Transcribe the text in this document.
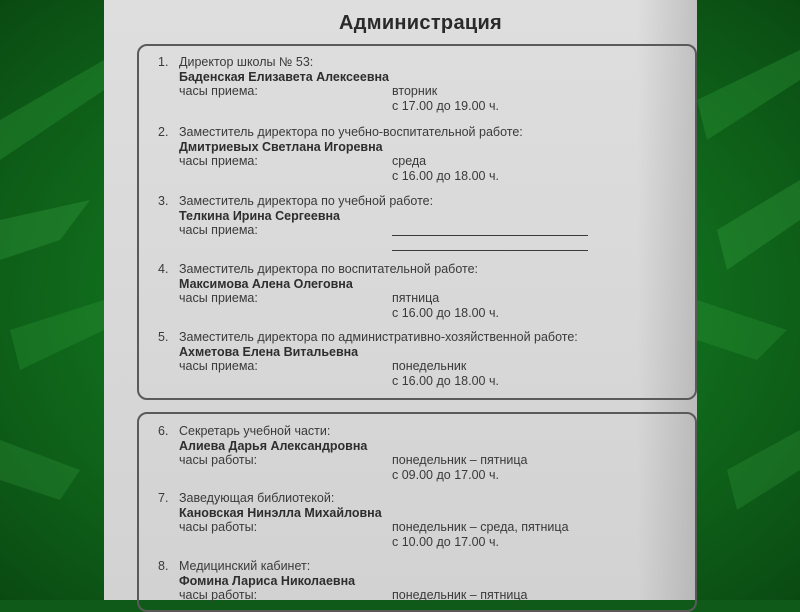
Администрация
1. Директор школы № 53:
Баденская Елизавета Алексеевна
часы приема:	вторник
с 17.00 до 19.00 ч.
2. Заместитель директора по учебно-воспитательной работе:
Дмитриевых Светлана Игоревна
часы приема:	среда
с 16.00 до 18.00 ч.
3. Заместитель директора по учебной работе:
Телкина Ирина Сергеевна
часы приема:
4. Заместитель директора по воспитательной работе:
Максимова Алена Олеговна
часы приема:	пятница
с 16.00 до 18.00 ч.
5. Заместитель директора по административно-хозяйственной работе:
Ахметова Елена Витальевна
часы приема:	понедельник
с 16.00 до 18.00 ч.
6. Секретарь учебной части:
Алиева Дарья Александровна
часы работы:	понедельник – пятница
с 09.00 до 17.00 ч.
7. Заведующая библиотекой:
Кановская Нинэлла Михайловна
часы работы:	понедельник – среда, пятница
с 10.00 до 17.00 ч.
8. Медицинский кабинет:
Фомина Лариса Николаевна
часы работы:	понедельник – пятница
